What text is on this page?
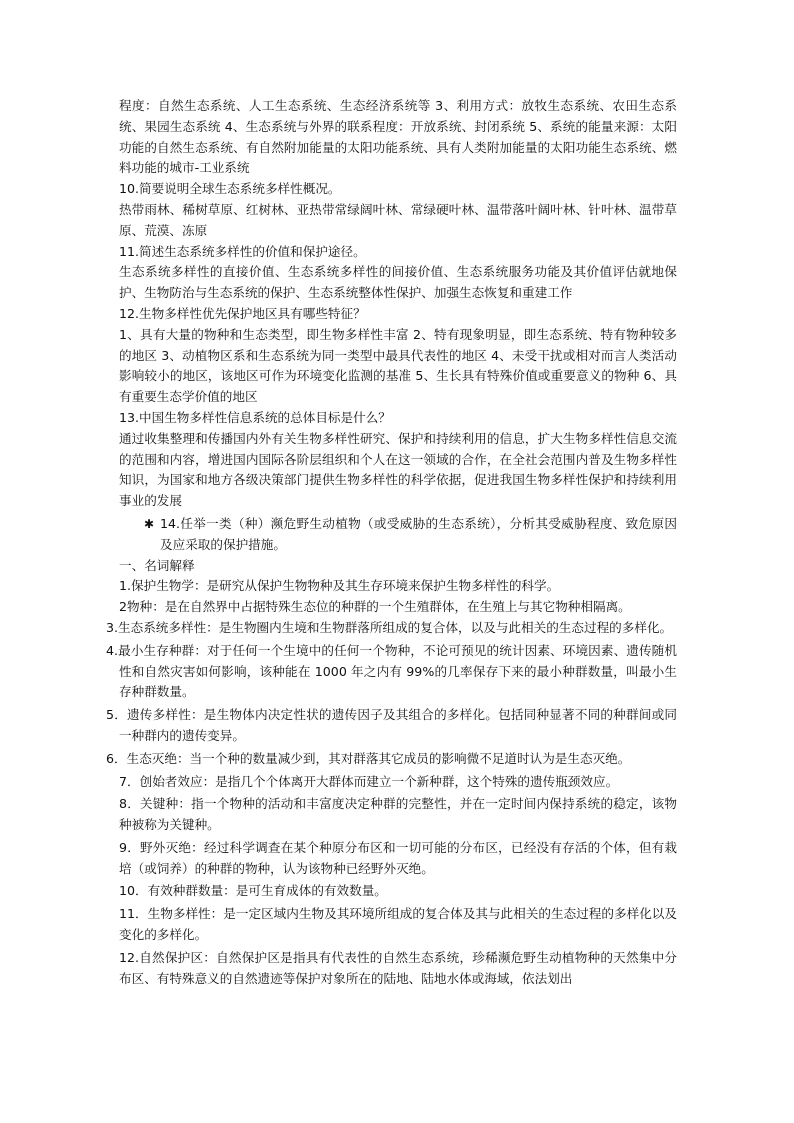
程度：自然生态系统、人工生态系统、生态经济系统等 3、利用方式：放牧生态系统、农田生态系统、果园生态系统 4、生态系统与外界的联系程度：开放系统、封闭系统 5、系统的能量来源：太阳功能的自然生态系统、有自然附加能量的太阳功能系统、具有人类附加能量的太阳功能生态系统、燃料功能的城市-工业系统

10.简要说明全球生态系统多样性概况。

热带雨林、稀树草原、红树林、亚热带常绿阔叶林、常绿硬叶林、温带落叶阔叶林、针叶林、温带草原、荒漠、冻原

11.简述生态系统多样性的价值和保护途径。

生态系统多样性的直接价值、生态系统多样性的间接价值、生态系统服务功能及其价值评估就地保护、生物防治与生态系统的保护、生态系统整体性保护、加强生态恢复和重建工作

12.生物多样性优先保护地区具有哪些特征？

1、具有大量的物种和生态类型，即生物多样性丰富 2、特有现象明显，即生态系统、特有物种较多的地区 3、动植物区系和生态系统为同一类型中最具代表性的地区 4、未受干扰或相对而言人类活动影响较小的地区，该地区可作为环境变化监测的基准 5、生长具有特殊价值或重要意义的物种 6、具有重要生态学价值的地区

13.中国生物多样性信息系统的总体目标是什么？

通过收集整理和传播国内外有关生物多样性研究、保护和持续利用的信息，扩大生物多样性信息交流的范围和内容，增进国内国际各阶层组织和个人在这一领域的合作，在全社会范围内普及生物多样性知识，为国家和地方各级决策部门提供生物多样性的科学依据，促进我国生物多样性保护和持续利用事业的发展

✱ 14.任举一类（种）濒危野生动植物（或受威胁的生态系统），分析其受威胁程度、致危原因及应采取的保护措施。

一、名词解释

1.保护生物学：是研究从保护生物物种及其生存环境来保护生物多样性的科学。

2物种：是在自然界中占据特殊生态位的种群的一个生殖群体，在生殖上与其它物种相隔离。

3.生态系统多样性：是生物圈内生境和生物群落所组成的复合体，以及与此相关的生态过程的多样化。

4.最小生存种群：对于任何一个生境中的任何一个物种，不论可预见的统计因素、环境因素、遗传随机性和自然灾害如何影响，该种能在 1000 年之内有 99%的几率保存下来的最小种群数量，叫最小生存种群数量。

5．遗传多样性：是生物体内决定性状的遗传因子及其组合的多样化。包括同种显著不同的种群间或同一种群内的遗传变异。

6．生态灭绝：当一个种的数量减少到，其对群落其它成员的影响微不足道时认为是生态灭绝。

7．创始者效应：是指几个个体离开大群体而建立一个新种群，这个特殊的遗传瓶颈效应。

8．关键种：指一个物种的活动和丰富度决定种群的完整性，并在一定时间内保持系统的稳定，该物种被称为关键种。

9．野外灭绝：经过科学调查在某个种原分布区和一切可能的分布区，已经没有存活的个体，但有栽培（或饲养）的种群的物种，认为该物种已经野外灭绝。

10．有效种群数量：是可生育成体的有效数量。

11．生物多样性：是一定区域内生物及其环境所组成的复合体及其与此相关的生态过程的多样化以及变化的多样化。

12.自然保护区：自然保护区是指具有代表性的自然生态系统，珍稀濒危野生动植物种的天然集中分布区、有特殊意义的自然遗迹等保护对象所在的陆地、陆地水体或海域，依法划出
